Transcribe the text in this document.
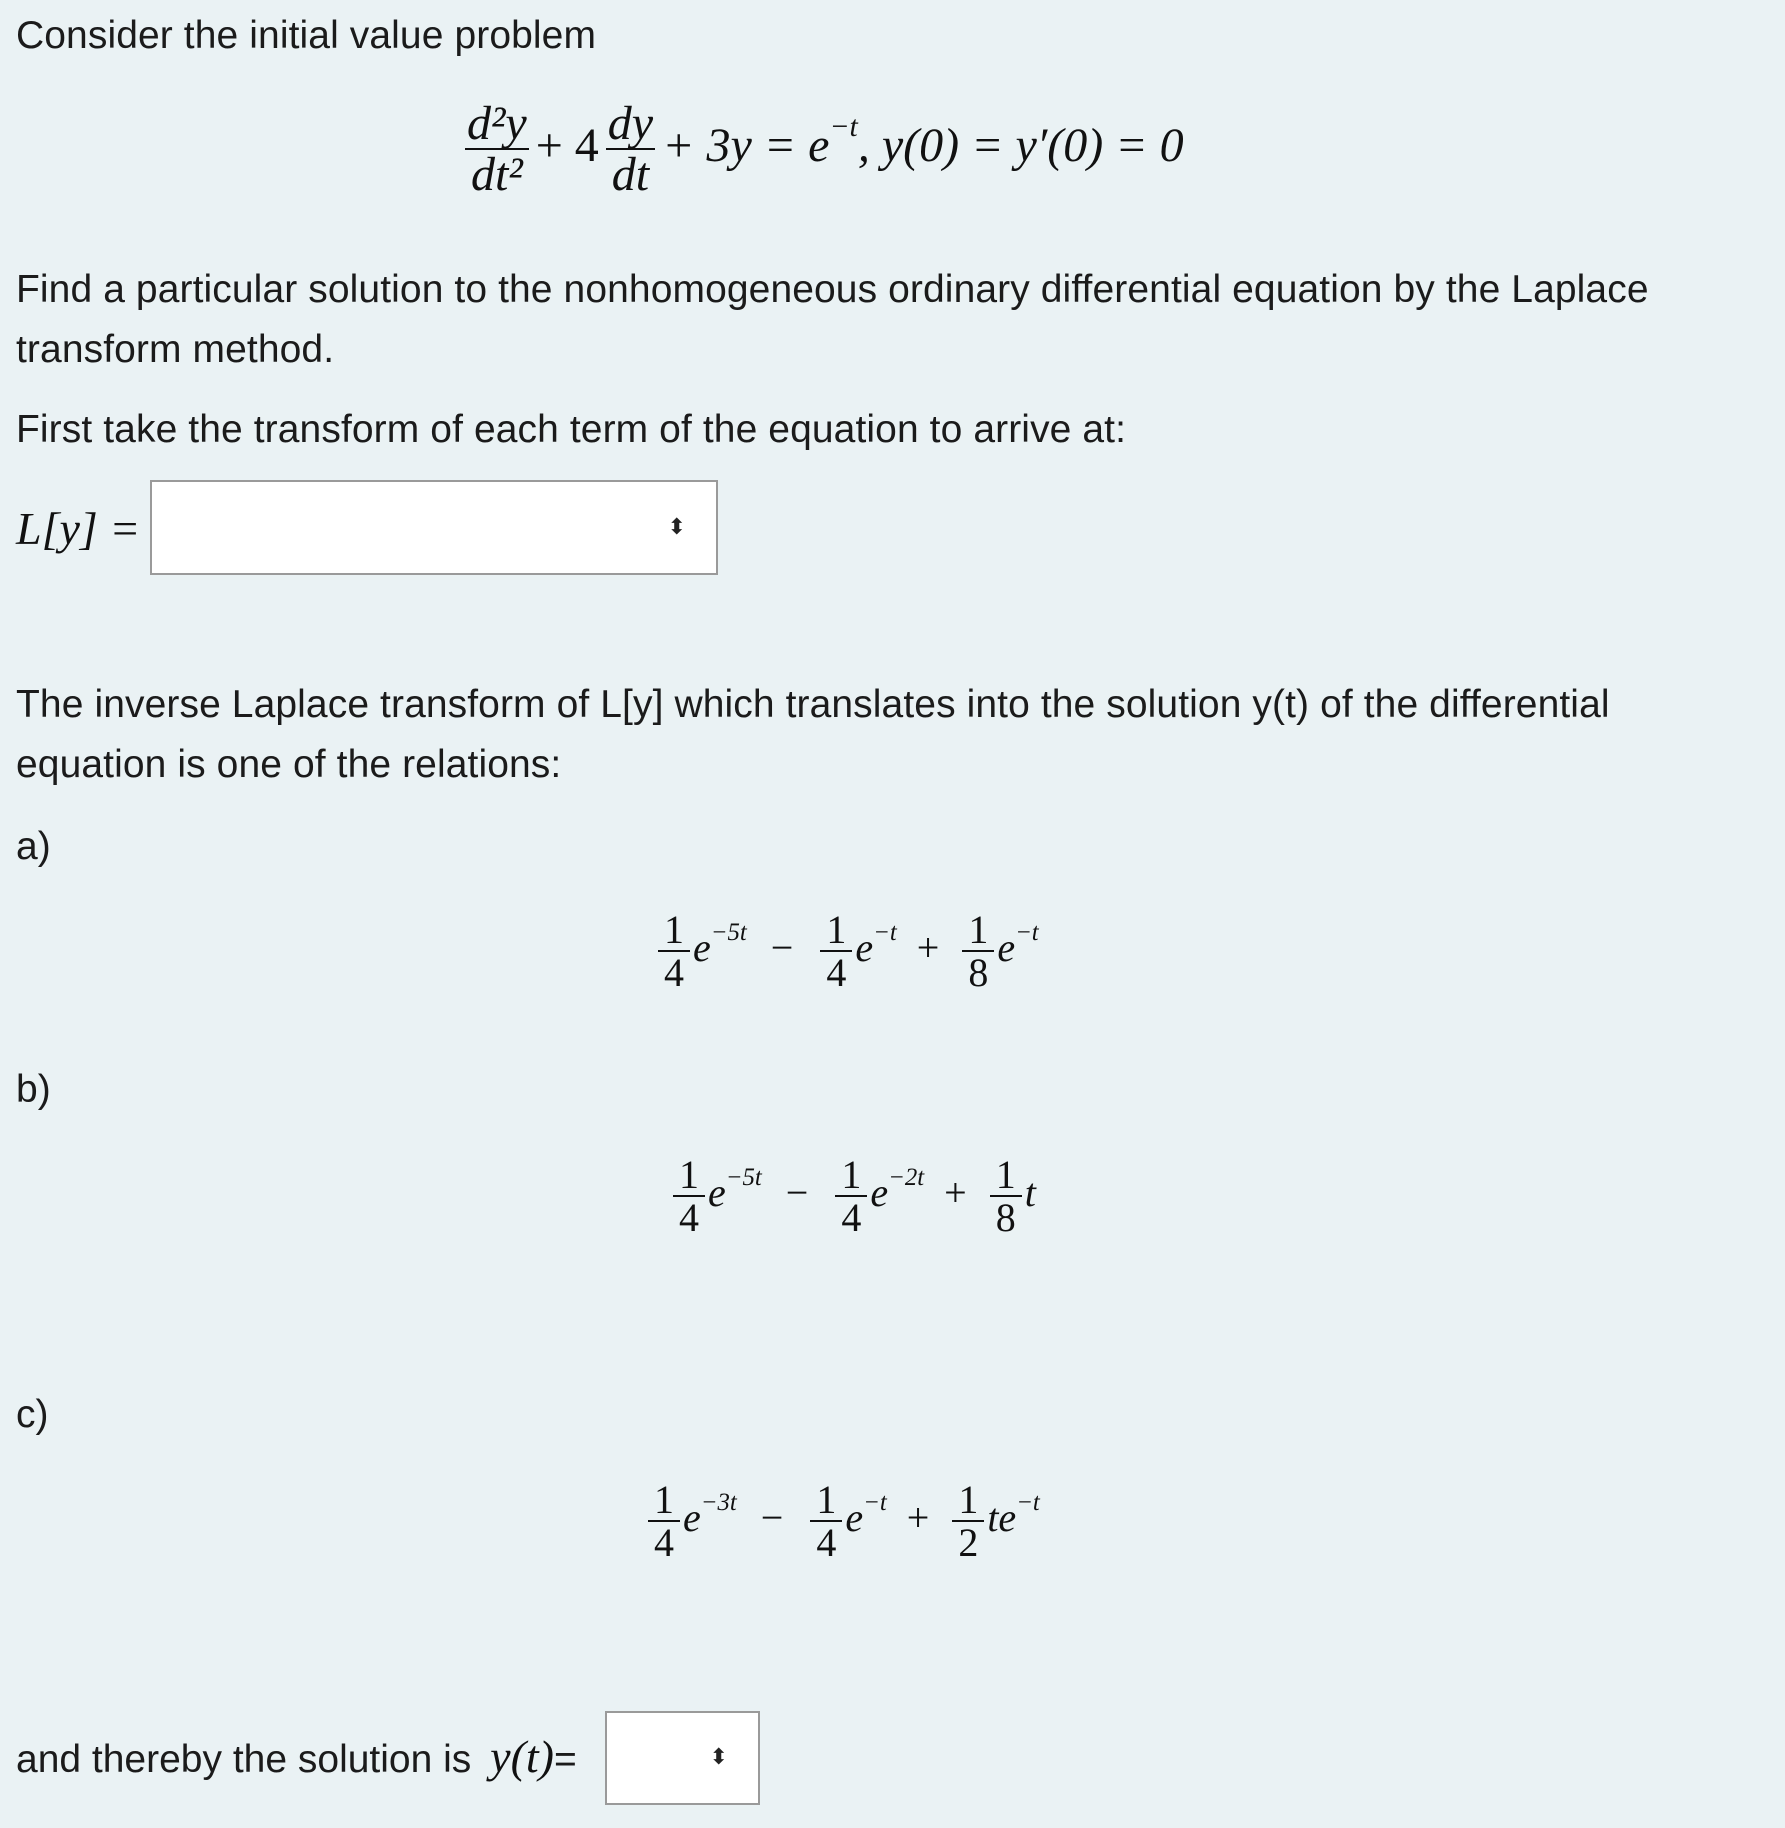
Consider the initial value problem

$\frac{\text{d²y}}{\text{dt²}} + 4 \frac{dy}{dt} + 3y = e^{-t}$, y(0) = y′(0) = 0

Find a particular solution to the nonhomogeneous ordinary differential equation by the Laplace transform method.

First take the transform of each term of the equation to arrive at:

L[y] =	⬍

The inverse Laplace transform of L[y] which translates into the solution y(t) of the differential equation is one of the relations:

a)
$\frac{1}{4} e^{-5t} - \frac{1}{4} e^{-t} + \frac{1}{8} e^{-t}$
b)
$\frac{1}{4} e^{-5t} - \frac{1}{4} e^{-2t} + \frac{1}{8}$ t
c)
$\frac{1}{4} e^{-3t} - \frac{1}{4} e^{-t} + \frac{1}{2} te^{-t}$
and thereby the solution is y(t)=	⬍
